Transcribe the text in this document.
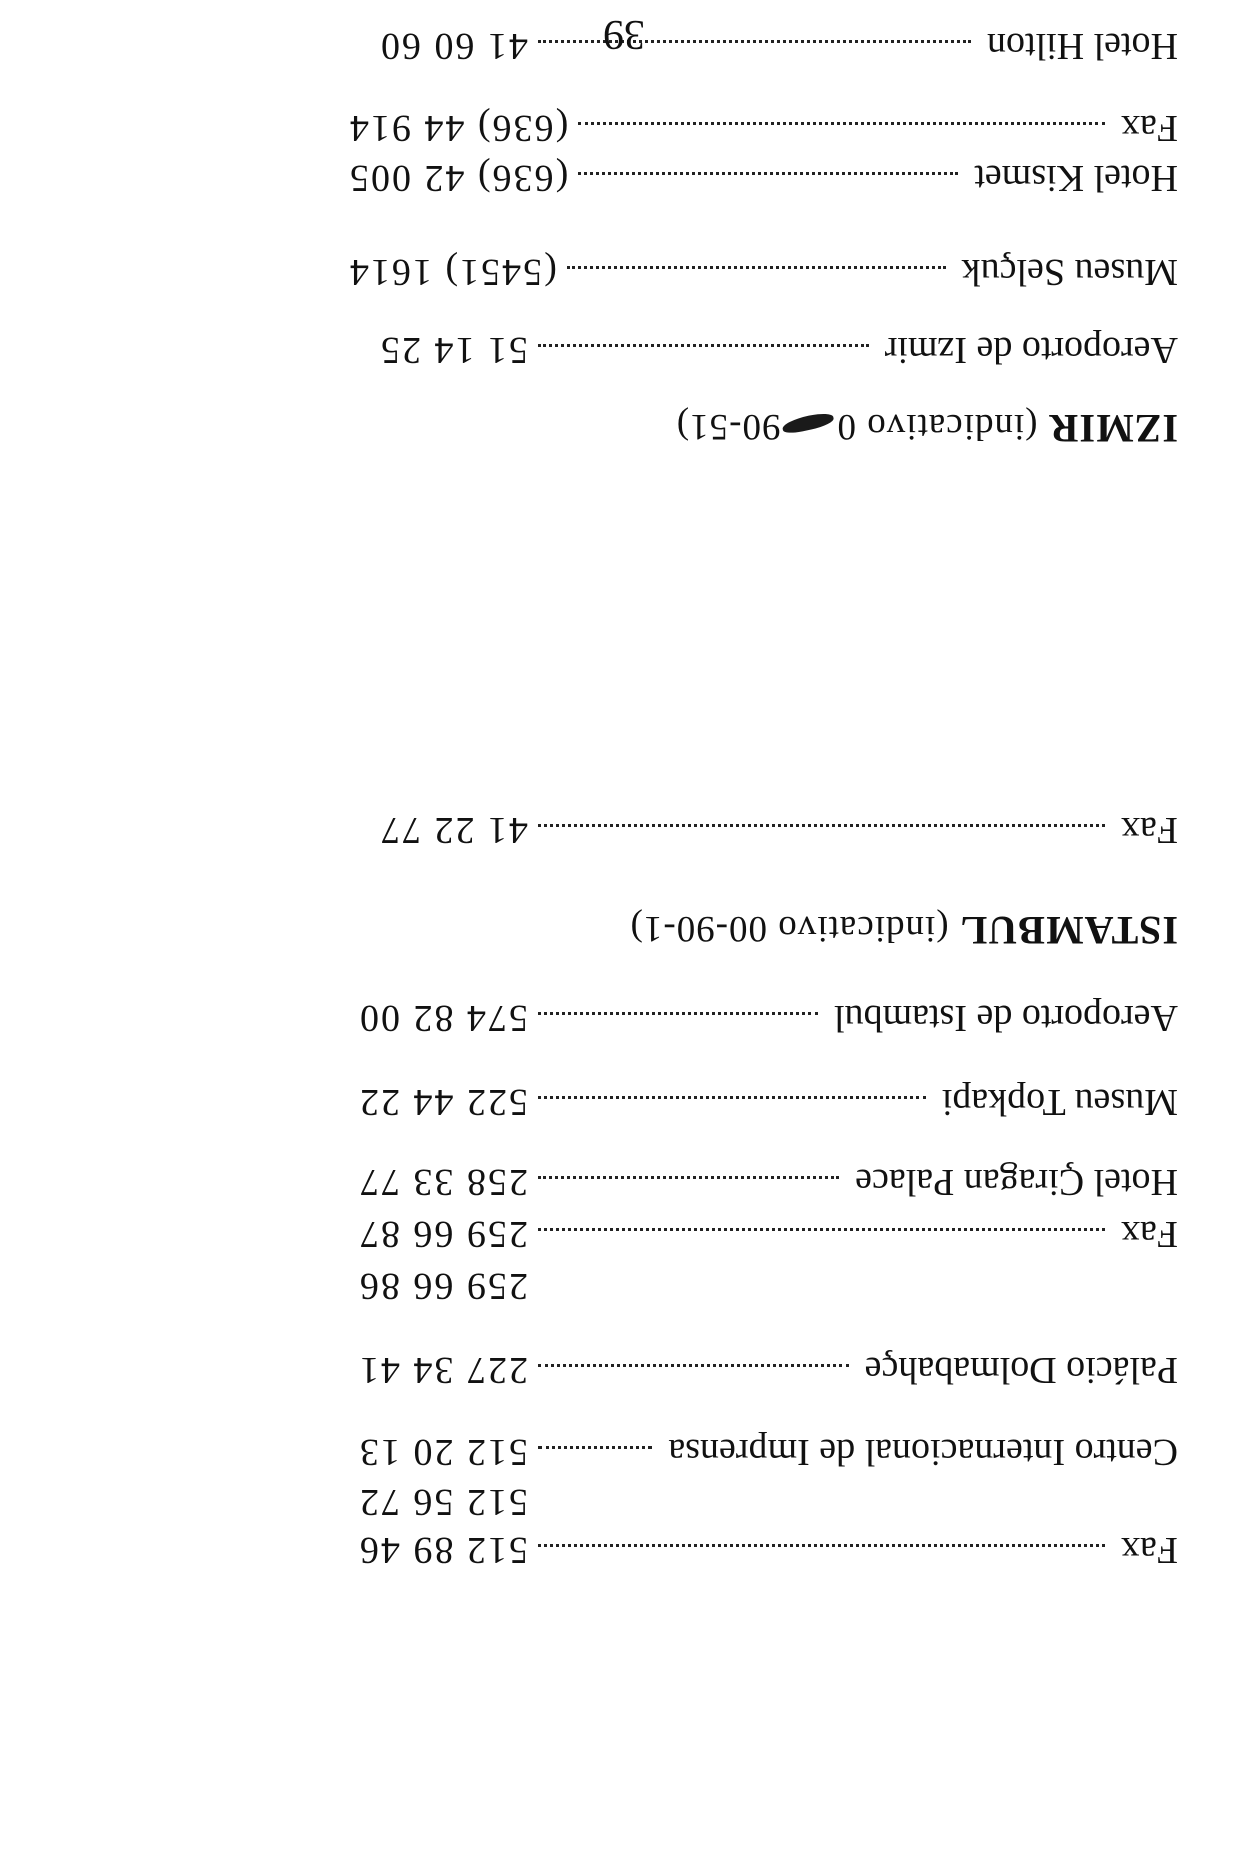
IZMIR (indicativo 090-51)
Aeroporto de Izmir
51 14 25
Museu Selçuk
(5451) 1614
Hotel Kismet
(636) 42 005
Fax
(636) 44 914
Hotel Hilton
41 60 60
Fax
41 22 77
ISTAMBUL (indicativo 00-90-1)
Aeroporto de Istambul
574 82 00
Museu Topkapi
522 44 22
Hotel Çiragan Palace
258 33 77
Fax
259 66 87
259 66 86
Palácio Dolmabahçe
227 34 41
Centro Internacional de Imprensa
512 20 13
512 56 72
Fax
512 89 46
39
